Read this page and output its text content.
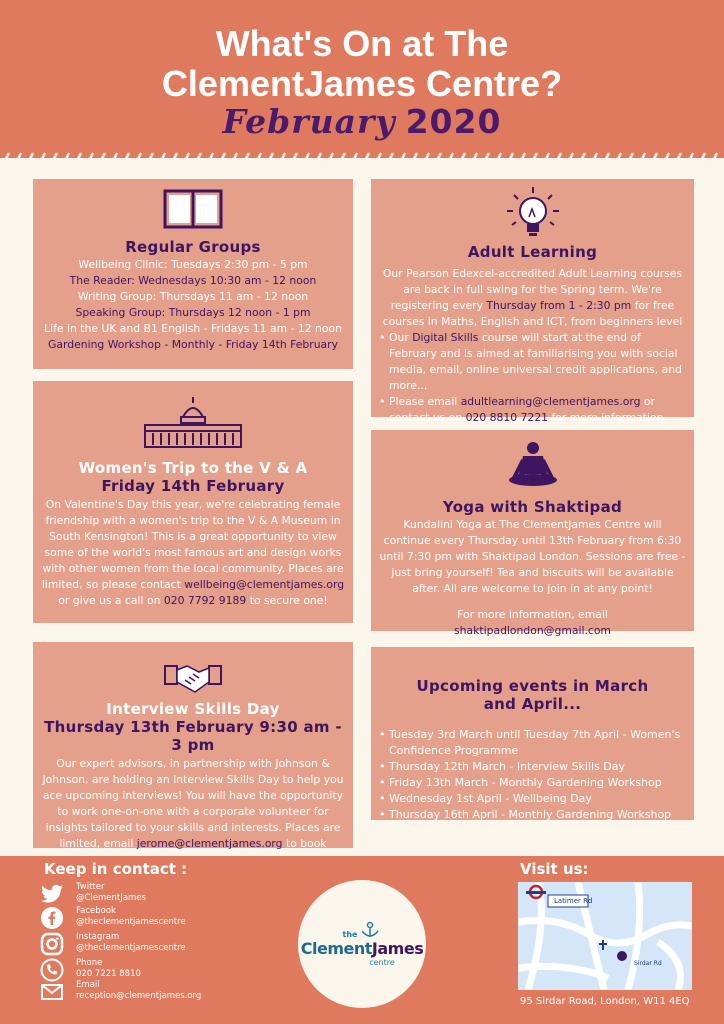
What's On at The
ClementJames Centre?
February 2020
Regular Groups
Wellbeing Clinic: Tuesdays 2:30 pm - 5 pm
The Reader: Wednesdays 10:30 am - 12 noon
Writing Group: Thursdays 11 am - 12 noon
Speaking Group: Thursdays 12 noon - 1 pm
Life in the UK and B1 English - Fridays 11 am - 12 noon
Gardening Workshop - Monthly - Friday 14th February
Adult Learning

Our Pearson Edexcel-accredited Adult Learning courses are back in full swing for the Spring term. We're registering every Thursday from 1 - 2:30 pm for free courses in Maths, English and ICT, from beginners level

• Our Digital Skills course will start at the end of February and is aimed at familiarising you with social media, email, online universal credit applications, and more...
• Please email adultlearning@clementjames.org or contact us on 020 8810 7221 for more information
Women's Trip to the V & A
Friday 14th February

On Valentine's Day this year, we're celebrating female friendship with a women's trip to the V & A Museum in South Kensington! This is a great opportunity to view some of the world's most famous art and design works with other women from the local community. Places are limited, so please contact wellbeing@clementjames.org or give us a call on 020 7792 9189 to secure one!

Yoga with Shaktipad

Kundalini Yoga at The ClementJames Centre will continue every Thursday until 13th February from 6:30 until 7:30 pm with Shaktipad London. Sessions are free - just bring yourself! Tea and biscuits will be available after. All are welcome to join in at any point!

For more information, email shaktipadlondon@gmail.com

Interview Skills Day
Thursday 13th February 9:30 am - 3 pm

Our expert advisors, in partnership with Johnson & Johnson, are holding an Interview Skills Day to help you ace upcoming interviews! You will have the opportunity to work one-on-one with a corporate volunteer for insights tailored to your skills and interests. Places are limited, email jerome@clementjames.org to book

Upcoming events in March
and April...
• Tuesday 3rd March until Tuesday 7th April - Women's Confidence Programme
• Thursday 12th March - Interview Skills Day
• Friday 13th March - Monthly Gardening Workshop
• Wednesday 1st April - Wellbeing Day
• Thursday 16th April - Monthly Gardening Workshop
Keep in contact :
Twitter
@ClementJames
Facebook
@theclementjamescentre
Instagram
@theclementjamescentre
Phone
020 7221 8810
Email
reception@clementjames.org
the
ClementJames
centre
Visit us:
Latimer Rd
Sirdar Rd
95 Sirdar Road, London, W11 4EQ
